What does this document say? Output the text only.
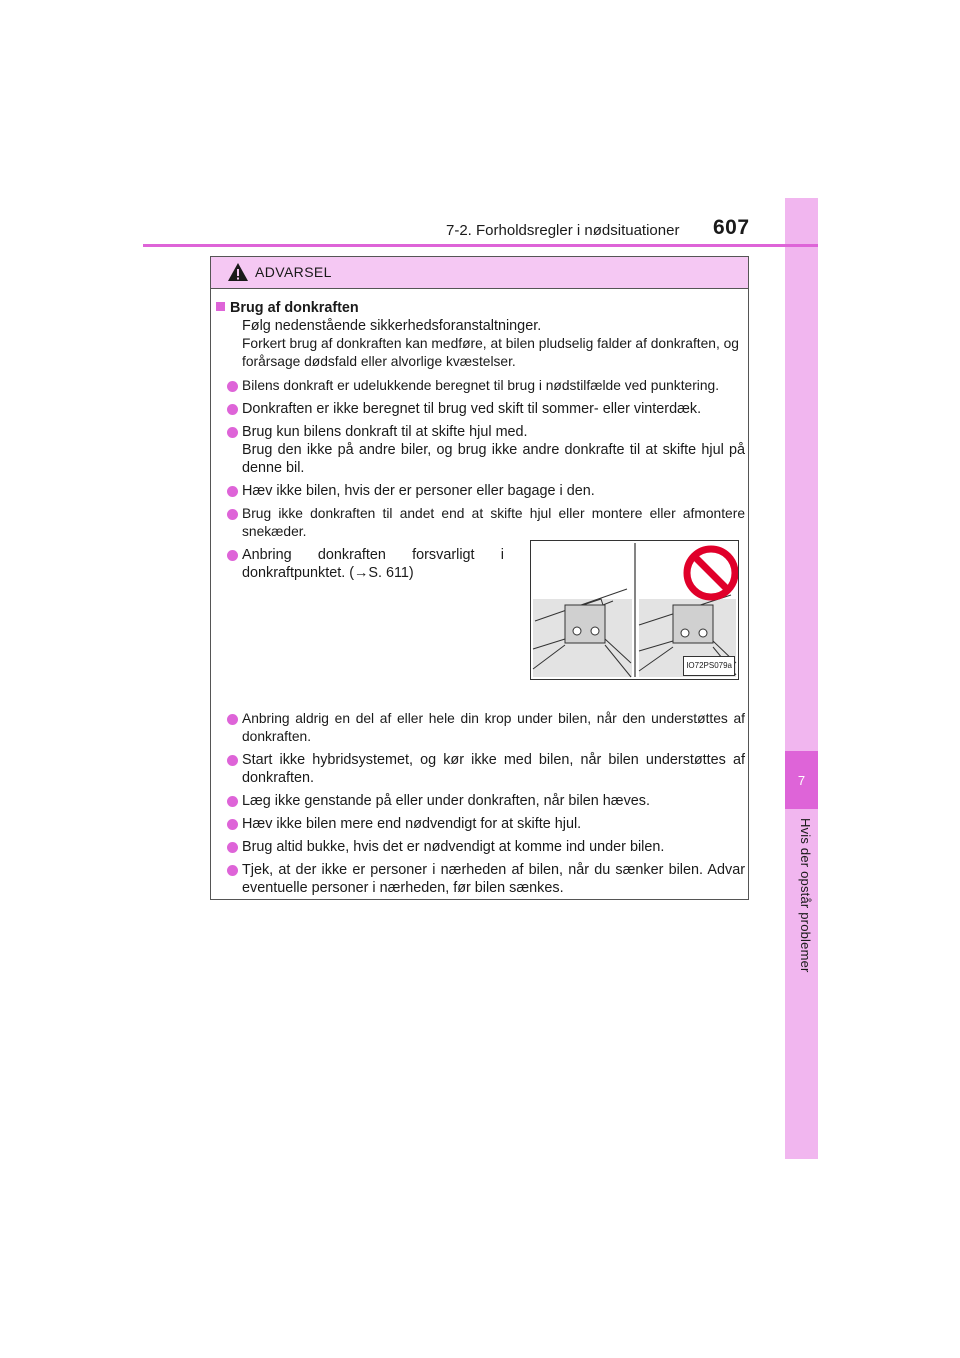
7
Hvis der opstår problemer
7-2. Forholdsregler i nødsituationer 607
ADVARSEL
Brug af donkraften
Følg nedenstående sikkerhedsforanstaltninger.
Forkert brug af donkraften kan medføre, at bilen pludselig falder af donkraften, og forårsage dødsfald eller alvorlige kvæstelser.
Bilens donkraft er udelukkende beregnet til brug i nødstilfælde ved punktering.
Donkraften er ikke beregnet til brug ved skift til sommer- eller vinterdæk.
Brug kun bilens donkraft til at skifte hjul med.
Brug den ikke på andre biler, og brug ikke andre donkrafte til at skifte hjul på denne bil.
Hæv ikke bilen, hvis der er personer eller bagage i den.
Brug ikke donkraften til andet end at skifte hjul eller montere eller afmontere snekæder.
Anbring donkraften forsvarligt i donkraftpunktet. (→S. 611)
IO72PS079a
Anbring aldrig en del af eller hele din krop under bilen, når den understøttes af donkraften.
Start ikke hybridsystemet, og kør ikke med bilen, når bilen understøttes af donkraften.
Læg ikke genstande på eller under donkraften, når bilen hæves.
Hæv ikke bilen mere end nødvendigt for at skifte hjul.
Brug altid bukke, hvis det er nødvendigt at komme ind under bilen.
Tjek, at der ikke er personer i nærheden af bilen, når du sænker bilen. Advar eventuelle personer i nærheden, før bilen sænkes.
